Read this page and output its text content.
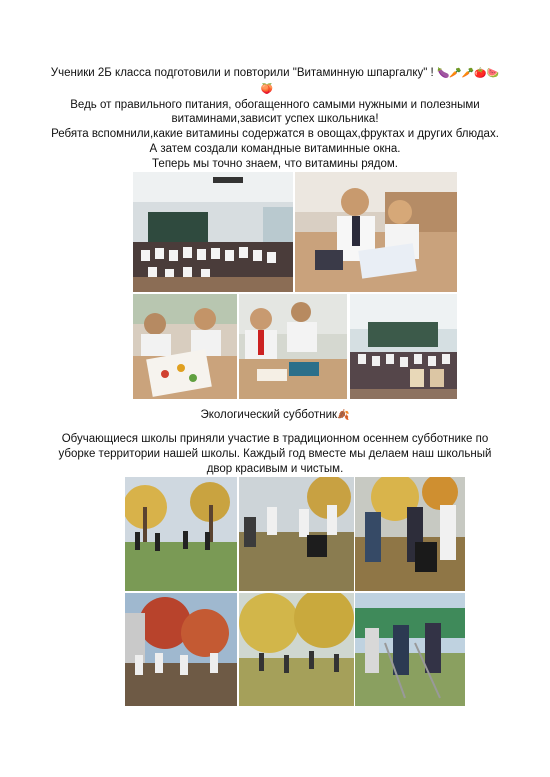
Ученики 2Б класса подготовили и повторили "Витаминную шпаргалку" ! 🍆🥕🥕🍅🍉
🍑
Ведь от правильного питания, обогащенного самыми нужными и полезными
витаминами,зависит успех школьника!
Ребята вспомнили,какие витамины содержатся в овощах,фруктах и других блюдах.
А затем создали командные витаминные окна.
Теперь мы точно знаем, что витамины рядом.
Экологический субботник🍂
Обучающиеся школы приняли участие в традиционном осеннем субботнике по
уборке территории нашей школы. Каждый год вместе мы делаем наш школьный
двор красивым и чистым.
